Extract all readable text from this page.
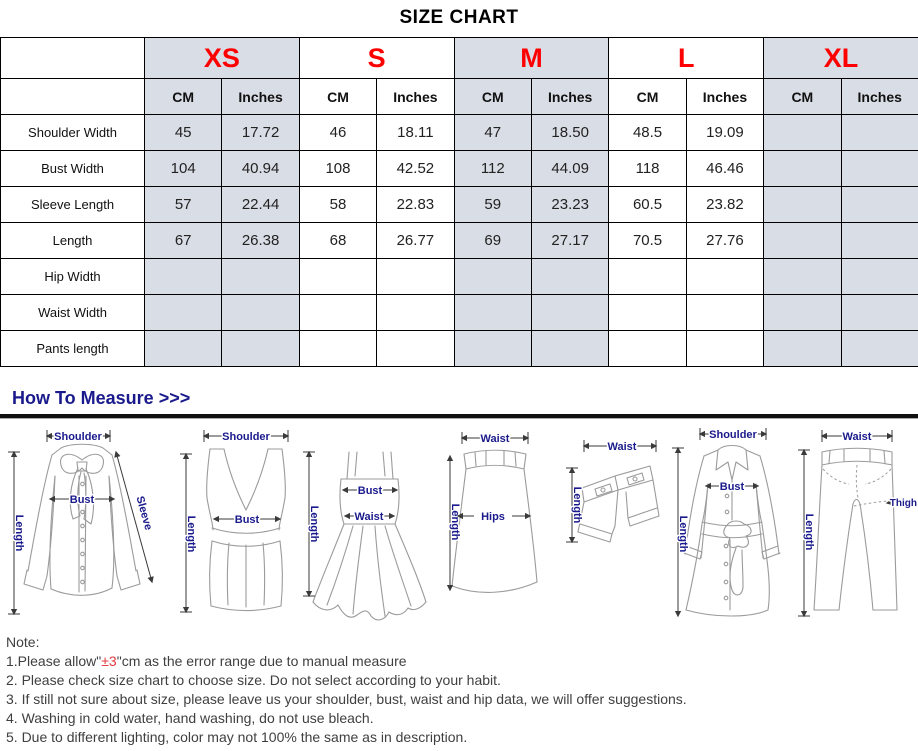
SIZE CHART
	XS		S		M		L		XL	
	CM	Inches	CM	Inches	CM	Inches	CM	Inches	CM	Inches
Shoulder Width	45	17.72	46	18.11	47	18.50	48.5	19.09		
Bust Width	104	40.94	108	42.52	112	44.09	118	46.46		
Sleeve Length	57	22.44	58	22.83	59	23.23	60.5	23.82		
Length	67	26.38	68	26.77	69	27.17	70.5	27.76		
Hip Width										
Waist Width										
Pants length										
How To Measure >>>
Shoulder
Length
Bust	Sleeve
Shoulder
Length	Bust	Length
Bust
Waist
Waist
Length Hips
Waist
Length
Shoulder
Length
Bust
Waist
Length
Thigh
Note:
1.Please allow"±3"cm as the error range due to manual measure
2. Please check size chart to choose size. Do not select according to your habit.
3. If still not sure about size, please leave us your shoulder, bust, waist and hip data, we will offer suggestions.
4. Washing in cold water, hand washing, do not use bleach.
5. Due to different lighting, color may not 100% the same as in description.
